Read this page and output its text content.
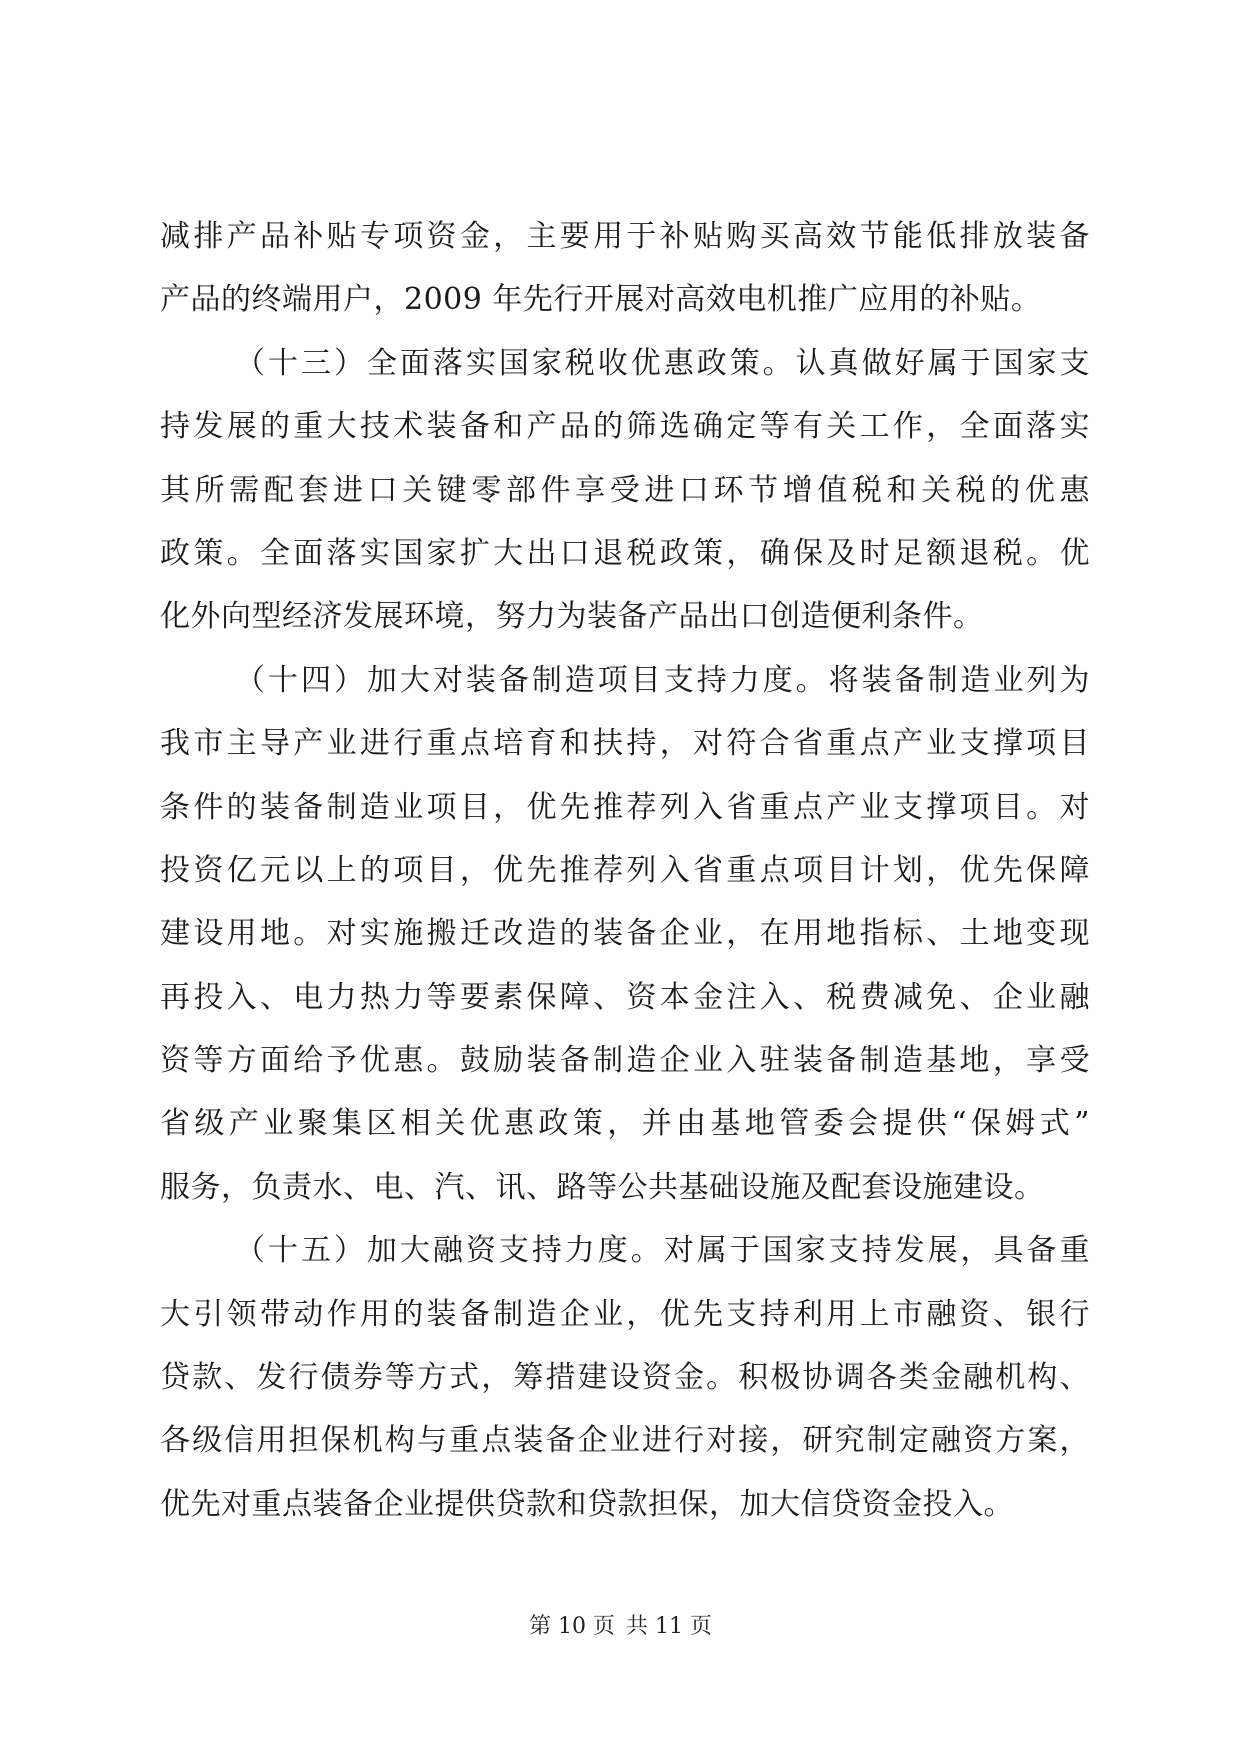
减排产品补贴专项资金，主要用于补贴购买高效节能低排放装备
产品的终端用户，2009 年先行开展对高效电机推广应用的补贴。
（十三）全面落实国家税收优惠政策。认真做好属于国家支
持发展的重大技术装备和产品的筛选确定等有关工作，全面落实
其所需配套进口关键零部件享受进口环节增值税和关税的优惠
政策。全面落实国家扩大出口退税政策，确保及时足额退税。优
化外向型经济发展环境，努力为装备产品出口创造便利条件。
（十四）加大对装备制造项目支持力度。将装备制造业列为
我市主导产业进行重点培育和扶持，对符合省重点产业支撑项目
条件的装备制造业项目，优先推荐列入省重点产业支撑项目。对
投资亿元以上的项目，优先推荐列入省重点项目计划，优先保障
建设用地。对实施搬迁改造的装备企业，在用地指标、土地变现
再投入、电力热力等要素保障、资本金注入、税费减免、企业融
资等方面给予优惠。鼓励装备制造企业入驻装备制造基地，享受
省级产业聚集区相关优惠政策，并由基地管委会提供“保姆式”
服务，负责水、电、汽、讯、路等公共基础设施及配套设施建设。
（十五）加大融资支持力度。对属于国家支持发展，具备重
大引领带动作用的装备制造企业，优先支持利用上市融资、银行
贷款、发行债券等方式，筹措建设资金。积极协调各类金融机构、
各级信用担保机构与重点装备企业进行对接，研究制定融资方案，
优先对重点装备企业提供贷款和贷款担保，加大信贷资金投入。
第 10 页 共 11 页
